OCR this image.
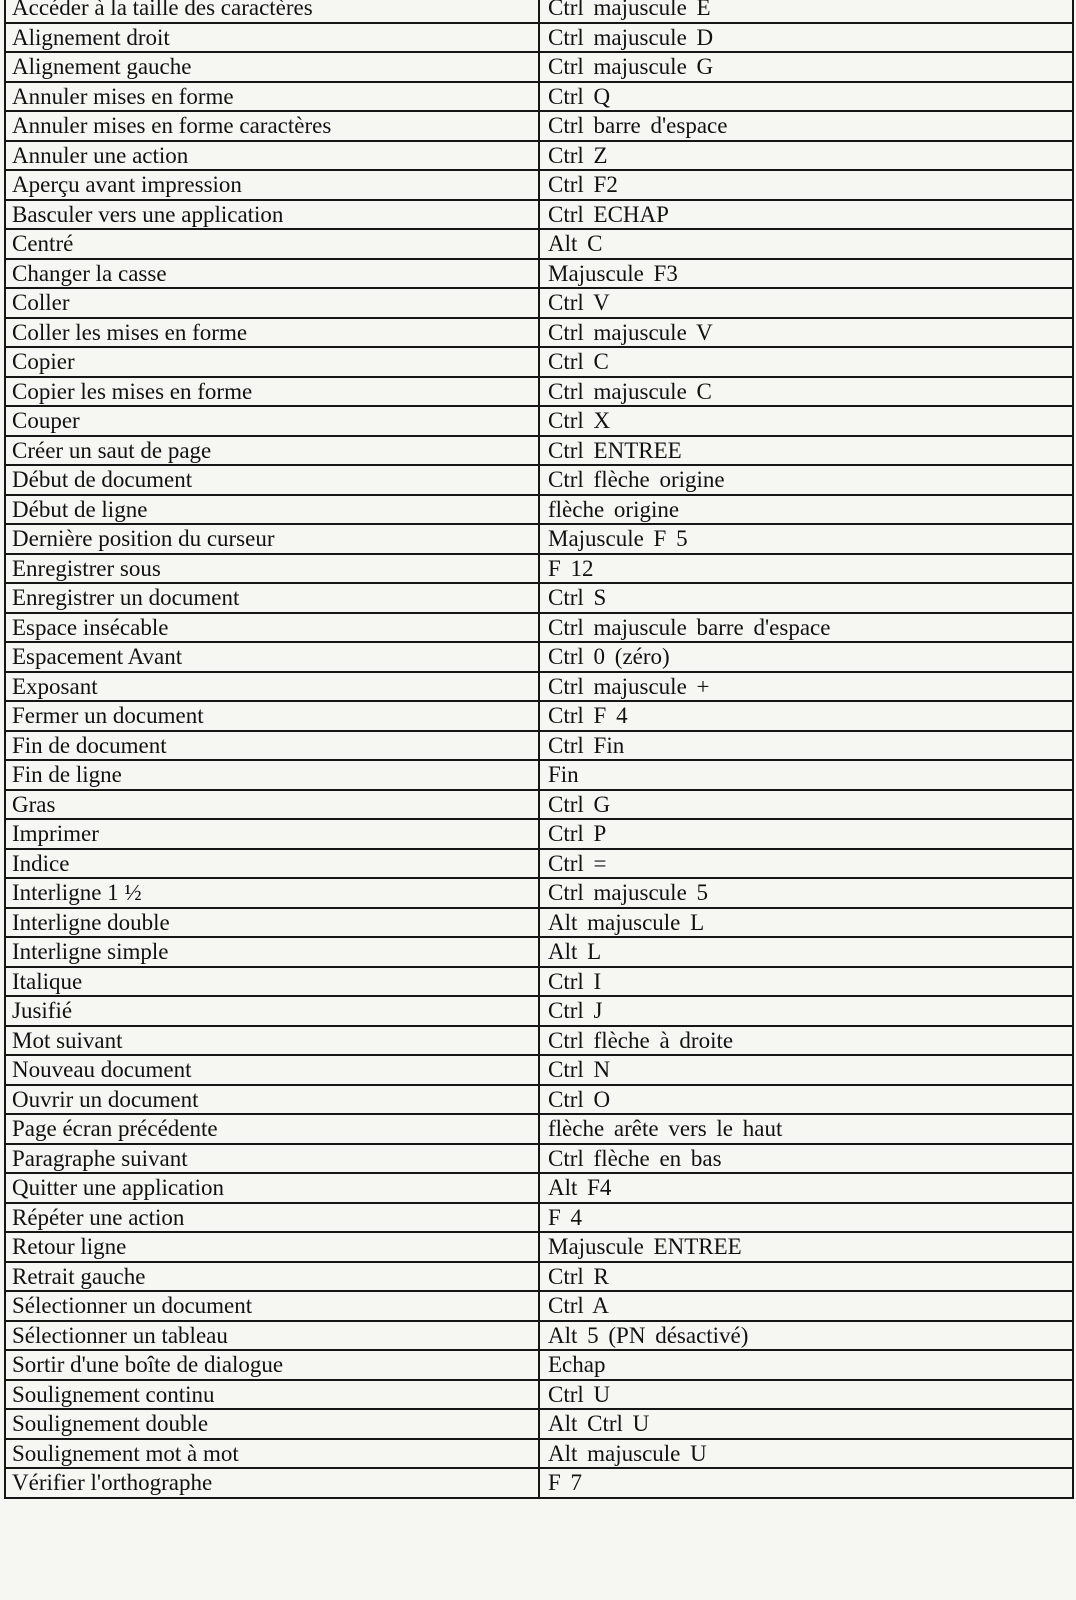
Accéder à la taille des caractères	Ctrl majuscule E
Alignement droit	Ctrl majuscule D
Alignement gauche	Ctrl majuscule G
Annuler mises en forme	Ctrl Q
Annuler mises en forme caractères	Ctrl barre d'espace
Annuler une action	Ctrl Z
Aperçu avant impression	Ctrl F2
Basculer vers une application	Ctrl ECHAP
Centré	Alt C
Changer la casse	Majuscule F3
Coller	Ctrl V
Coller les mises en forme	Ctrl majuscule V
Copier	Ctrl C
Copier les mises en forme	Ctrl majuscule C
Couper	Ctrl X
Créer un saut de page	Ctrl ENTREE
Début de document	Ctrl flèche origine
Début de ligne	flèche origine
Dernière position du curseur	Majuscule F 5
Enregistrer sous	F 12
Enregistrer un document	Ctrl S
Espace insécable	Ctrl majuscule barre d'espace
Espacement Avant	Ctrl 0 (zéro)
Exposant	Ctrl majuscule +
Fermer un document	Ctrl F 4
Fin de document	Ctrl Fin
Fin de ligne	Fin
Gras	Ctrl G
Imprimer	Ctrl P
Indice	Ctrl =
Interligne 1 ½	Ctrl majuscule 5
Interligne double	Alt majuscule L
Interligne simple	Alt L
Italique	Ctrl I
Jusifié	Ctrl J
Mot suivant	Ctrl flèche à droite
Nouveau document	Ctrl N
Ouvrir un document	Ctrl O
Page écran précédente	flèche arête vers le haut
Paragraphe suivant	Ctrl flèche en bas
Quitter une application	Alt F4
Répéter une action	F 4
Retour ligne	Majuscule ENTREE
Retrait gauche	Ctrl R
Sélectionner un document	Ctrl A
Sélectionner un tableau	Alt 5 (PN désactivé)
Sortir d'une boîte de dialogue	Echap
Soulignement continu	Ctrl U
Soulignement double	Alt Ctrl U
Soulignement mot à mot	Alt majuscule U
Vérifier l'orthographe	F 7
